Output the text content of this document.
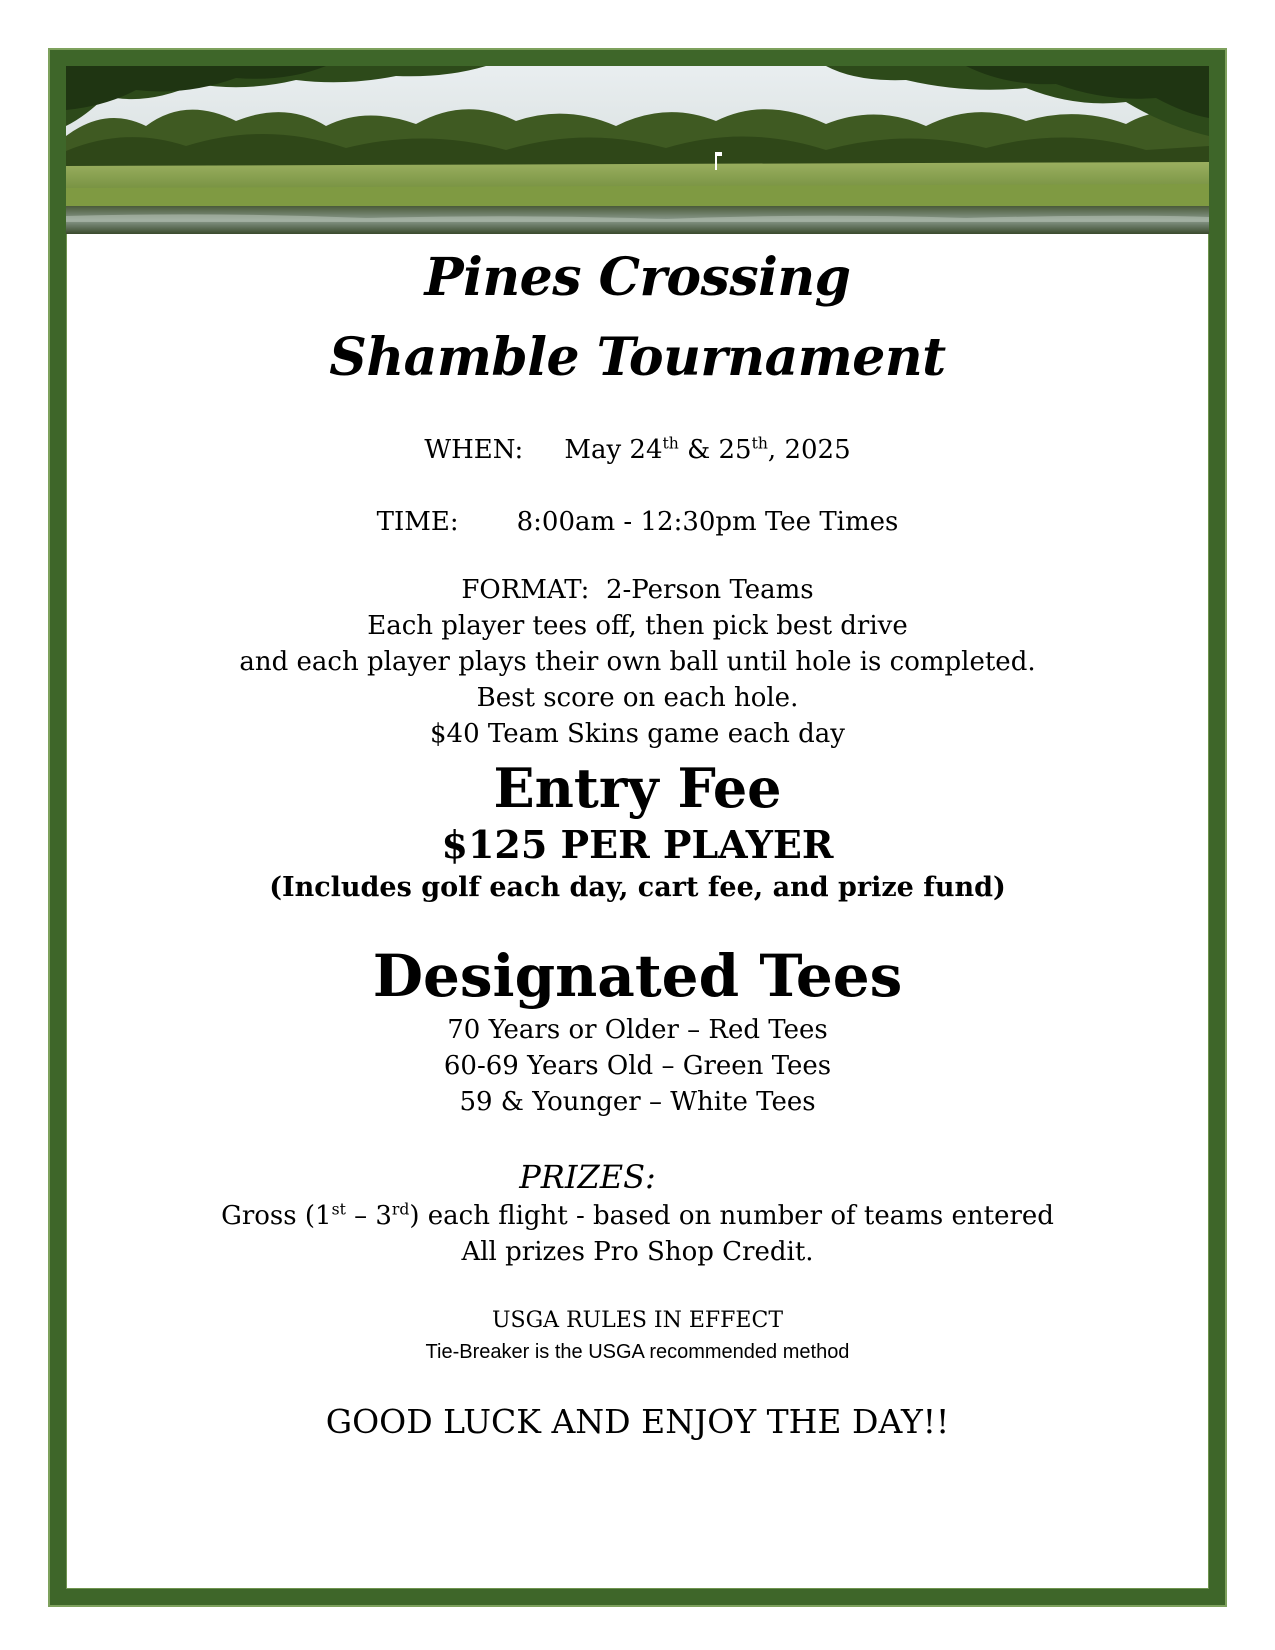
Pines Crossing
Shamble Tournament
WHEN: May 24th & 25th, 2025
TIME: 8:00am - 12:30pm Tee Times
FORMAT: 2-Person Teams
Each player tees off, then pick best drive
and each player plays their own ball until hole is completed.
Best score on each hole.
$40 Team Skins game each day
Entry Fee
$125 PER PLAYER
(Includes golf each day, cart fee, and prize fund)
Designated Tees
70 Years or Older – Red Tees
60-69 Years Old – Green Tees
59 & Younger – White Tees
PRIZES:
Gross (1st – 3rd) each flight - based on number of teams entered
All prizes Pro Shop Credit.
USGA RULES IN EFFECT
Tie-Breaker is the USGA recommended method
GOOD LUCK AND ENJOY THE DAY!!
